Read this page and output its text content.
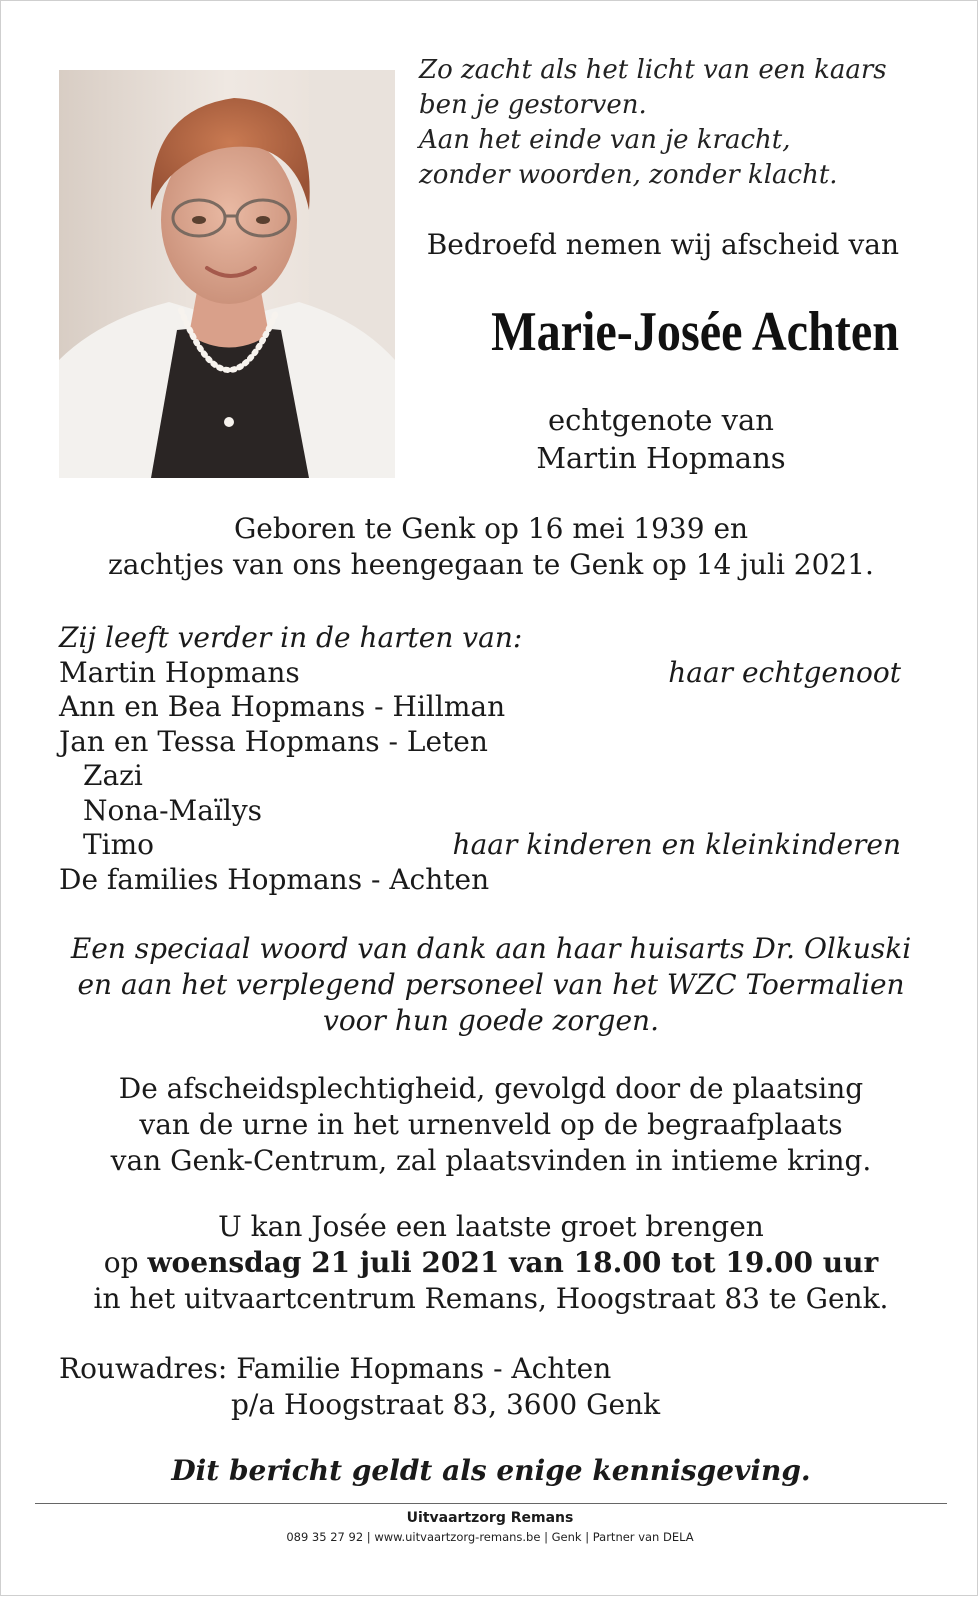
Zo zacht als het licht van een kaars
ben je gestorven.
Aan het einde van je kracht,
zonder woorden, zonder klacht.
Bedroefd nemen wij afscheid van
Marie-Josée Achten
echtgenote van
Martin Hopmans
Geboren te Genk op 16 mei 1939 en
zachtjes van ons heengegaan te Genk op 14 juli 2021.
Zij leeft verder in de harten van:
Martin Hopmans	haar echtgenoot
Ann en Bea Hopmans - Hillman
Jan en Tessa Hopmans - Leten
Zazi
Nona-Maïlys
Timo	haar kinderen en kleinkinderen
De families Hopmans - Achten
Een speciaal woord van dank aan haar huisarts Dr. Olkuski
en aan het verplegend personeel van het WZC Toermalien
voor hun goede zorgen.
De afscheidsplechtigheid, gevolgd door de plaatsing
van de urne in het urnenveld op de begraafplaats
van Genk-Centrum, zal plaatsvinden in intieme kring.
U kan Josée een laatste groet brengen
op woensdag 21 juli 2021 van 18.00 tot 19.00 uur
in het uitvaartcentrum Remans, Hoogstraat 83 te Genk.
Rouwadres: Familie Hopmans - Achten
p/a Hoogstraat 83, 3600 Genk
Dit bericht geldt als enige kennisgeving.
Uitvaartzorg Remans
089 35 27 92 | www.uitvaartzorg-remans.be | Genk | Partner van DELA
